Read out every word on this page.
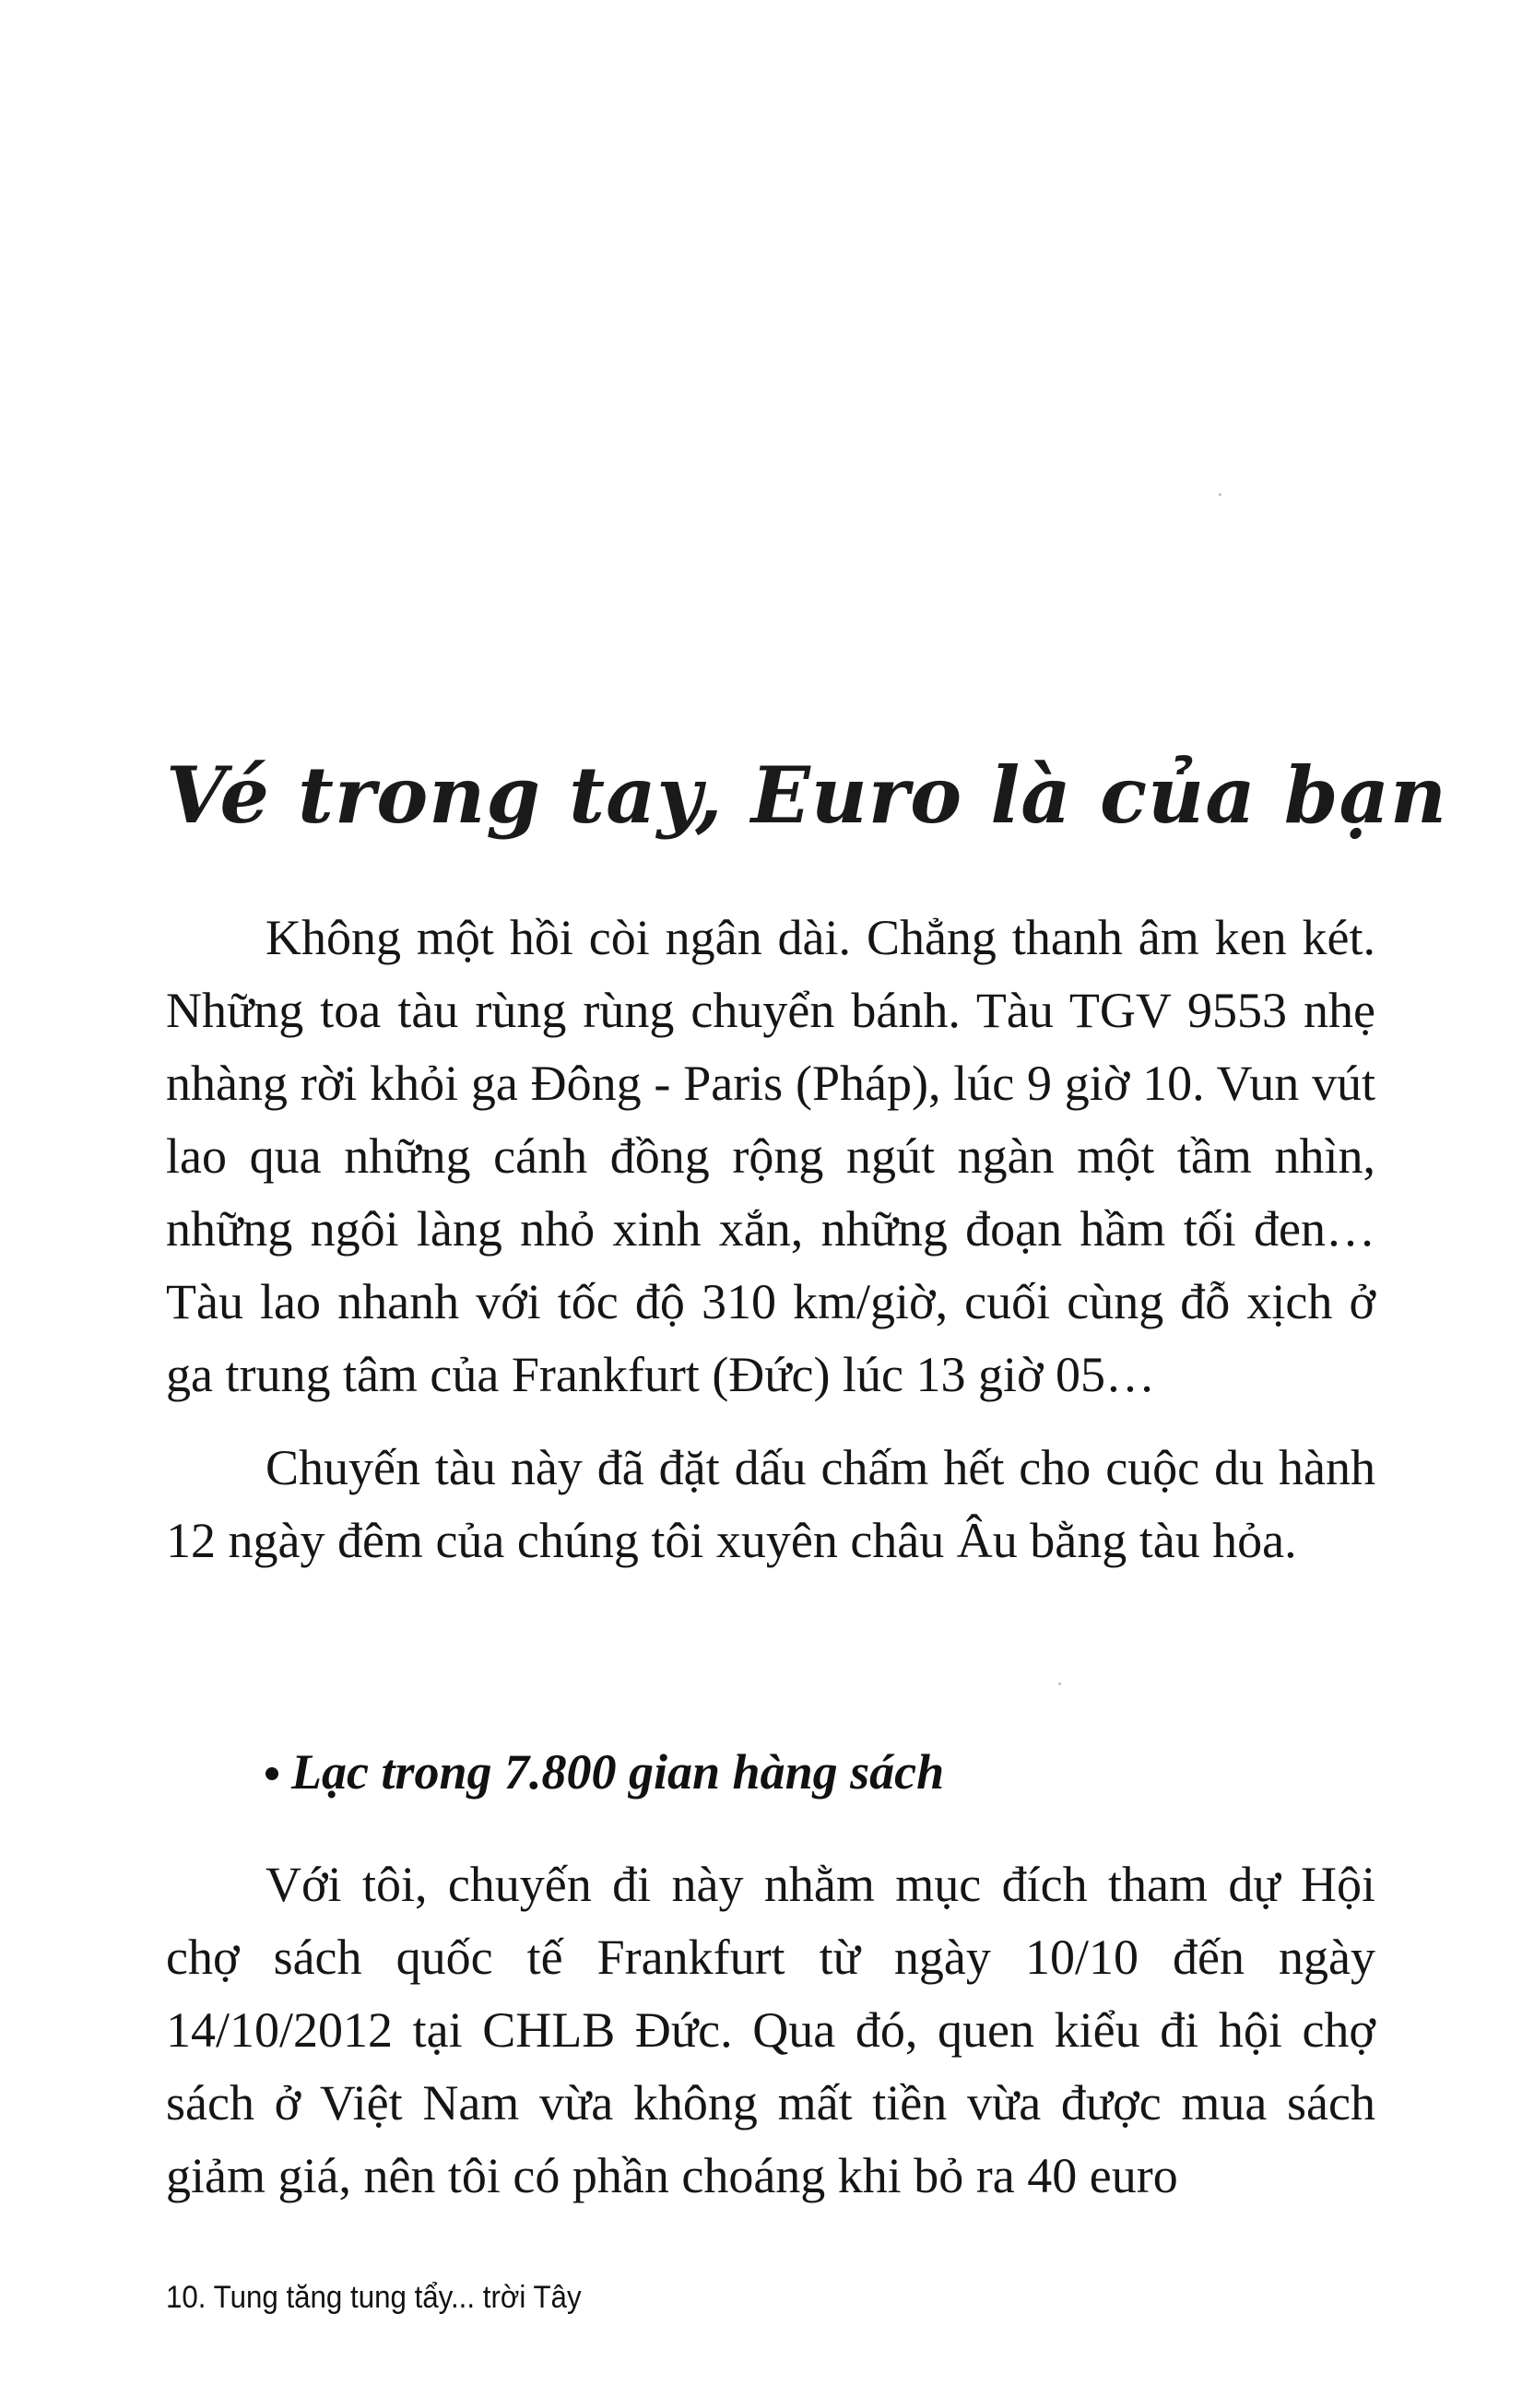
Vé trong tay, Euro là của bạn

Không một hồi còi ngân dài. Chẳng thanh âm ken két. Những toa tàu rùng rùng chuyển bánh. Tàu TGV 9553 nhẹ nhàng rời khỏi ga Đông - Paris (Pháp), lúc 9 giờ 10. Vun vút lao qua những cánh đồng rộng ngút ngàn một tầm nhìn, những ngôi làng nhỏ xinh xắn, những đoạn hầm tối đen… Tàu lao nhanh với tốc độ 310 km/giờ, cuối cùng đỗ xịch ở ga trung tâm của Frankfurt (Đức) lúc 13 giờ 05…

Chuyến tàu này đã đặt dấu chấm hết cho cuộc du hành 12 ngày đêm của chúng tôi xuyên châu Âu bằng tàu hỏa.

Lạc trong 7.800 gian hàng sách

Với tôi, chuyến đi này nhằm mục đích tham dự Hội chợ sách quốc tế Frankfurt từ ngày 10/10 đến ngày 14/10/2012 tại CHLB Đức. Qua đó, quen kiểu đi hội chợ sách ở Việt Nam vừa không mất tiền vừa được mua sách giảm giá, nên tôi có phần choáng khi bỏ ra 40 euro

10. Tung tăng tung tẩy... trời Tây
